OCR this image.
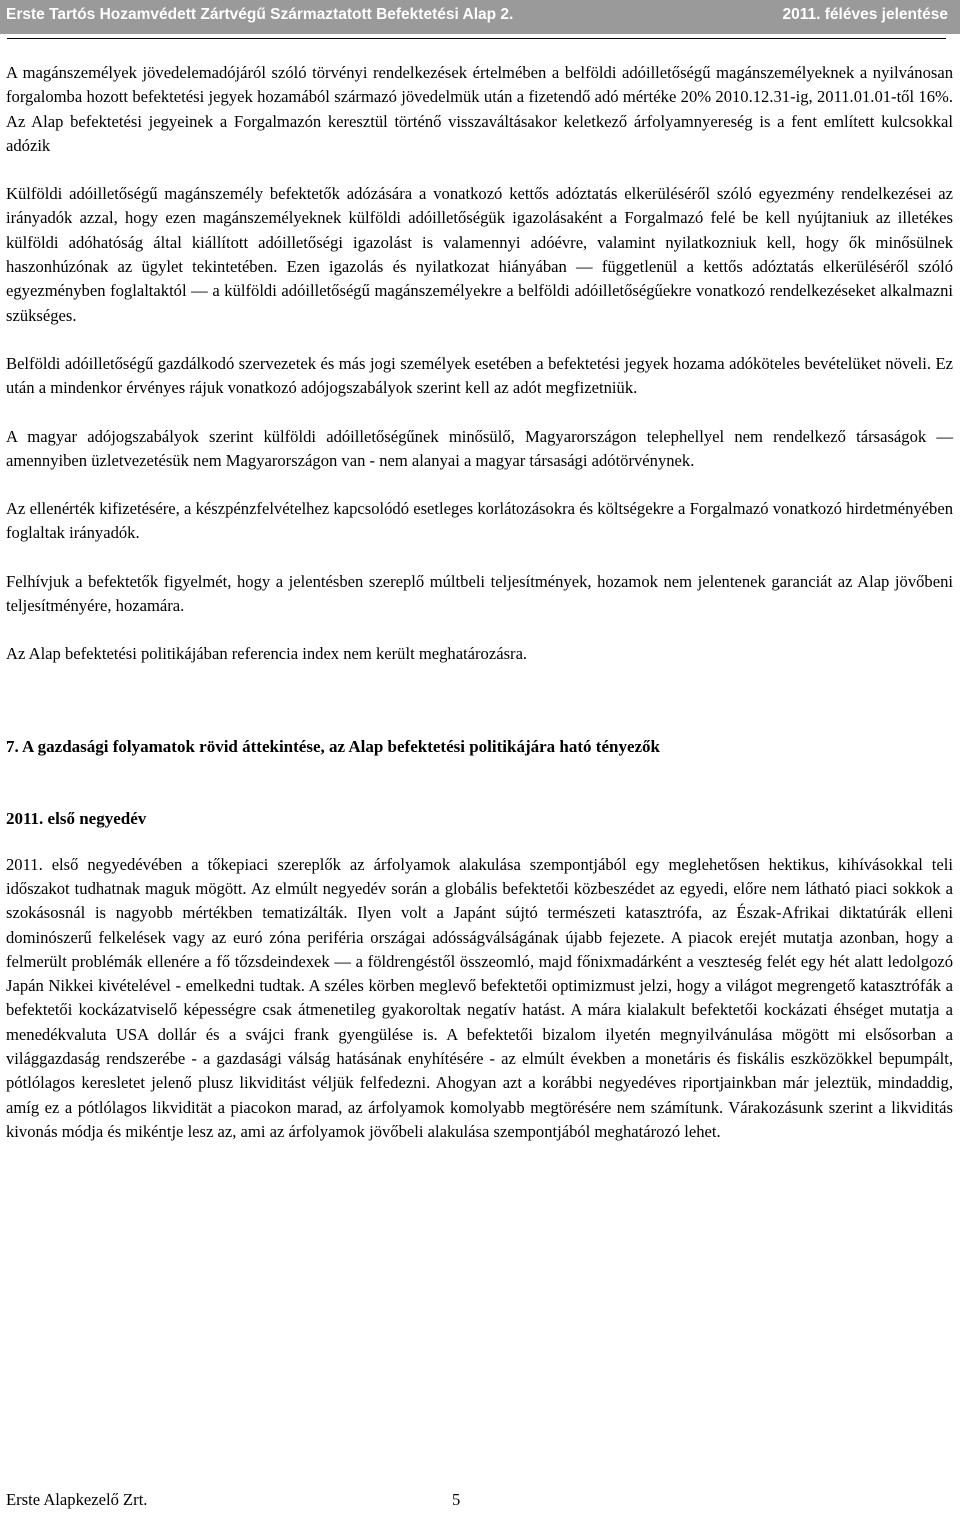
Erste Tartós Hozamvédett Zártvégű Származtatott Befektetési Alap 2.	2011. féléves jelentése

A magánszemélyek jövedelemadójáról szóló törvényi rendelkezések értelmében a belföldi adóilletőségű magánszemélyeknek a nyilvánosan forgalomba hozott befektetési jegyek hozamából származó jövedelmük után a fizetendő adó mértéke 20% 2010.12.31-ig, 2011.01.01-től 16%. Az Alap befektetési jegyeinek a Forgalmazón keresztül történő visszaváltásakor keletkező árfolyamnyereség is a fent említett kulcsokkal adózik

Külföldi adóilletőségű magánszemély befektetők adózására a vonatkozó kettős adóztatás elkerüléséről szóló egyezmény rendelkezései az irányadók azzal, hogy ezen magánszemélyeknek külföldi adóilletőségük igazolásaként a Forgalmazó felé be kell nyújtaniuk az illetékes külföldi adóhatóság által kiállított adóilletőségi igazolást is valamennyi adóévre, valamint nyilatkozniuk kell, hogy ők minősülnek haszonhúzónak az ügylet tekintetében. Ezen igazolás és nyilatkozat hiányában — függetlenül a kettős adóztatás elkerüléséről szóló egyezményben foglaltaktól — a külföldi adóilletőségű magánszemélyekre a belföldi adóilletőségűekre vonatkozó rendelkezéseket alkalmazni szükséges.

Belföldi adóilletőségű gazdálkodó szervezetek és más jogi személyek esetében a befektetési jegyek hozama adóköteles bevételüket növeli. Ez után a mindenkor érvényes rájuk vonatkozó adójogszabályok szerint kell az adót megfizetniük.

A magyar adójogszabályok szerint külföldi adóilletőségűnek minősülő, Magyarországon telephellyel nem rendelkező társaságok — amennyiben üzletvezetésük nem Magyarországon van - nem alanyai a magyar társasági adótörvénynek.

Az ellenérték kifizetésére, a készpénzfelvételhez kapcsolódó esetleges korlátozásokra és költségekre a Forgalmazó vonatkozó hirdetményében foglaltak irányadók.

Felhívjuk a befektetők figyelmét, hogy a jelentésben szereplő múltbeli teljesítmények, hozamok nem jelentenek garanciát az Alap jövőbeni teljesítményére, hozamára.

Az Alap befektetési politikájában referencia index nem került meghatározásra.

7. A gazdasági folyamatok rövid áttekintése, az Alap befektetési politikájára ható tényezők
2011. első negyedév

2011. első negyedévében a tőkepiaci szereplők az árfolyamok alakulása szempontjából egy meglehetősen hektikus, kihívásokkal teli időszakot tudhatnak maguk mögött. Az elmúlt negyedév során a globális befektetői közbeszédet az egyedi, előre nem látható piaci sokkok a szokásosnál is nagyobb mértékben tematizálták. Ilyen volt a Japánt sújtó természeti katasztrófa, az Észak-Afrikai diktatúrák elleni dominószerű felkelések vagy az euró zóna periféria országai adósságválságának újabb fejezete. A piacok erejét mutatja azonban, hogy a felmerült problémák ellenére a fő tőzsdeindexek — a földrengéstől összeomló, majd főnixmadárként a veszteség felét egy hét alatt ledolgozó Japán Nikkei kivételével - emelkedni tudtak. A széles körben meglevő befektetői optimizmust jelzi, hogy a világot megrengető katasztrófák a befektetői kockázatviselő képességre csak átmenetileg gyakoroltak negatív hatást. A mára kialakult befektetői kockázati éhséget mutatja a menedékvaluta USA dollár és a svájci frank gyengülése is. A befektetői bizalom ilyetén megnyilvánulása mögött mi elsősorban a világgazdaság rendszerébe - a gazdasági válság hatásának enyhítésére - az elmúlt években a monetáris és fiskális eszközökkel bepumpált, pótlólagos keresletet jelenő plusz likviditást véljük felfedezni. Ahogyan azt a korábbi negyedéves riportjainkban már jeleztük, mindaddig, amíg ez a pótlólagos likvidität a piacokon marad, az árfolyamok komolyabb megtörésére nem számítunk. Várakozásunk szerint a likviditás kivonás módja és mikéntje lesz az, ami az árfolyamok jövőbeli alakulása szempontjából meghatározó lehet.

Erste Alapkezelő Zrt.	5
